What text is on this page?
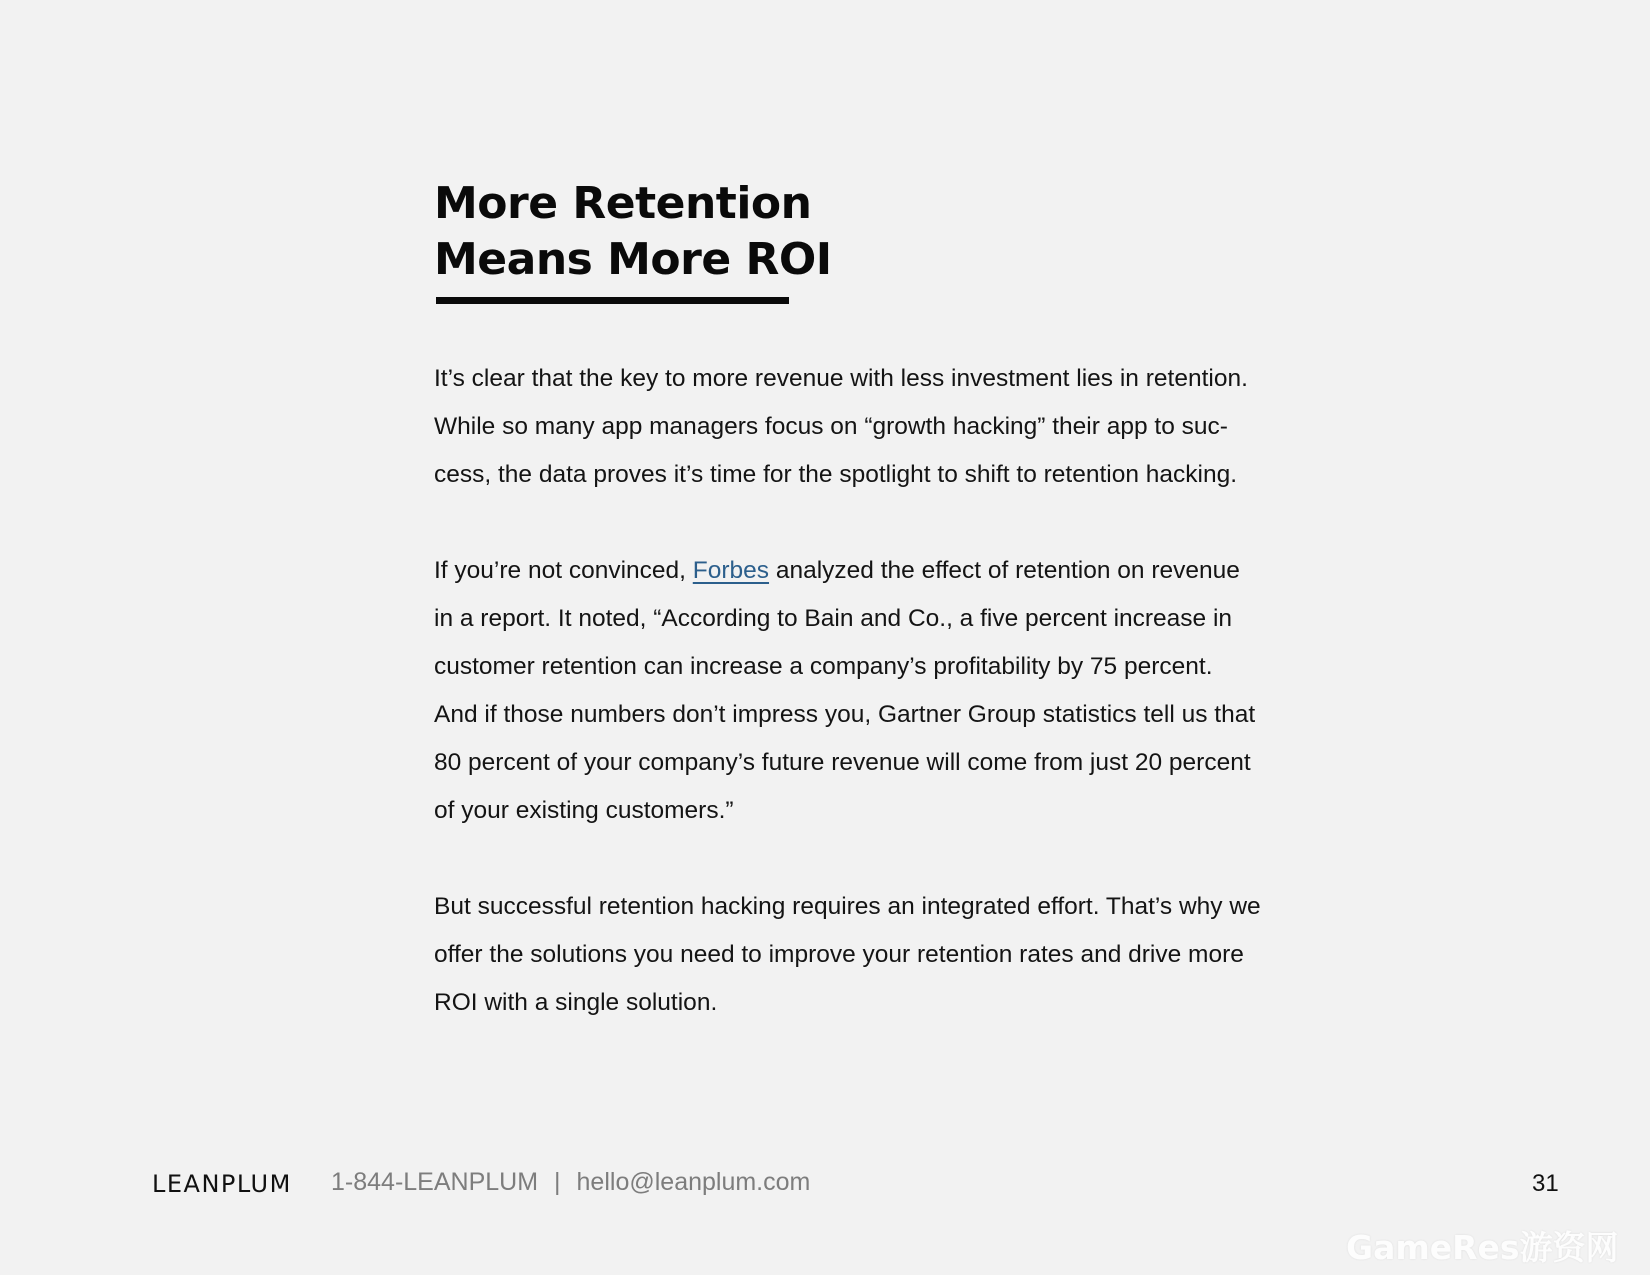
More Retention
Means More ROI

It’s clear that the key to more revenue with less investment lies in retention.
While so many app managers focus on “growth hacking” their app to suc-
cess, the data proves it’s time for the spotlight to shift to retention hacking.

If you’re not convinced, Forbes analyzed the effect of retention on revenue
in a report. It noted, “According to Bain and Co., a five percent increase in
customer retention can increase a company’s profitability by 75 percent.
And if those numbers don’t impress you, Gartner Group statistics tell us that
80 percent of your company’s future revenue will come from just 20 percent
of your existing customers.”

But successful retention hacking requires an integrated effort. That’s why we
offer the solutions you need to improve your retention rates and drive more
ROI with a single solution.

LEANPLUM 1-844-LEANPLUM | hello@leanplum.com	31
GameRes游资网
